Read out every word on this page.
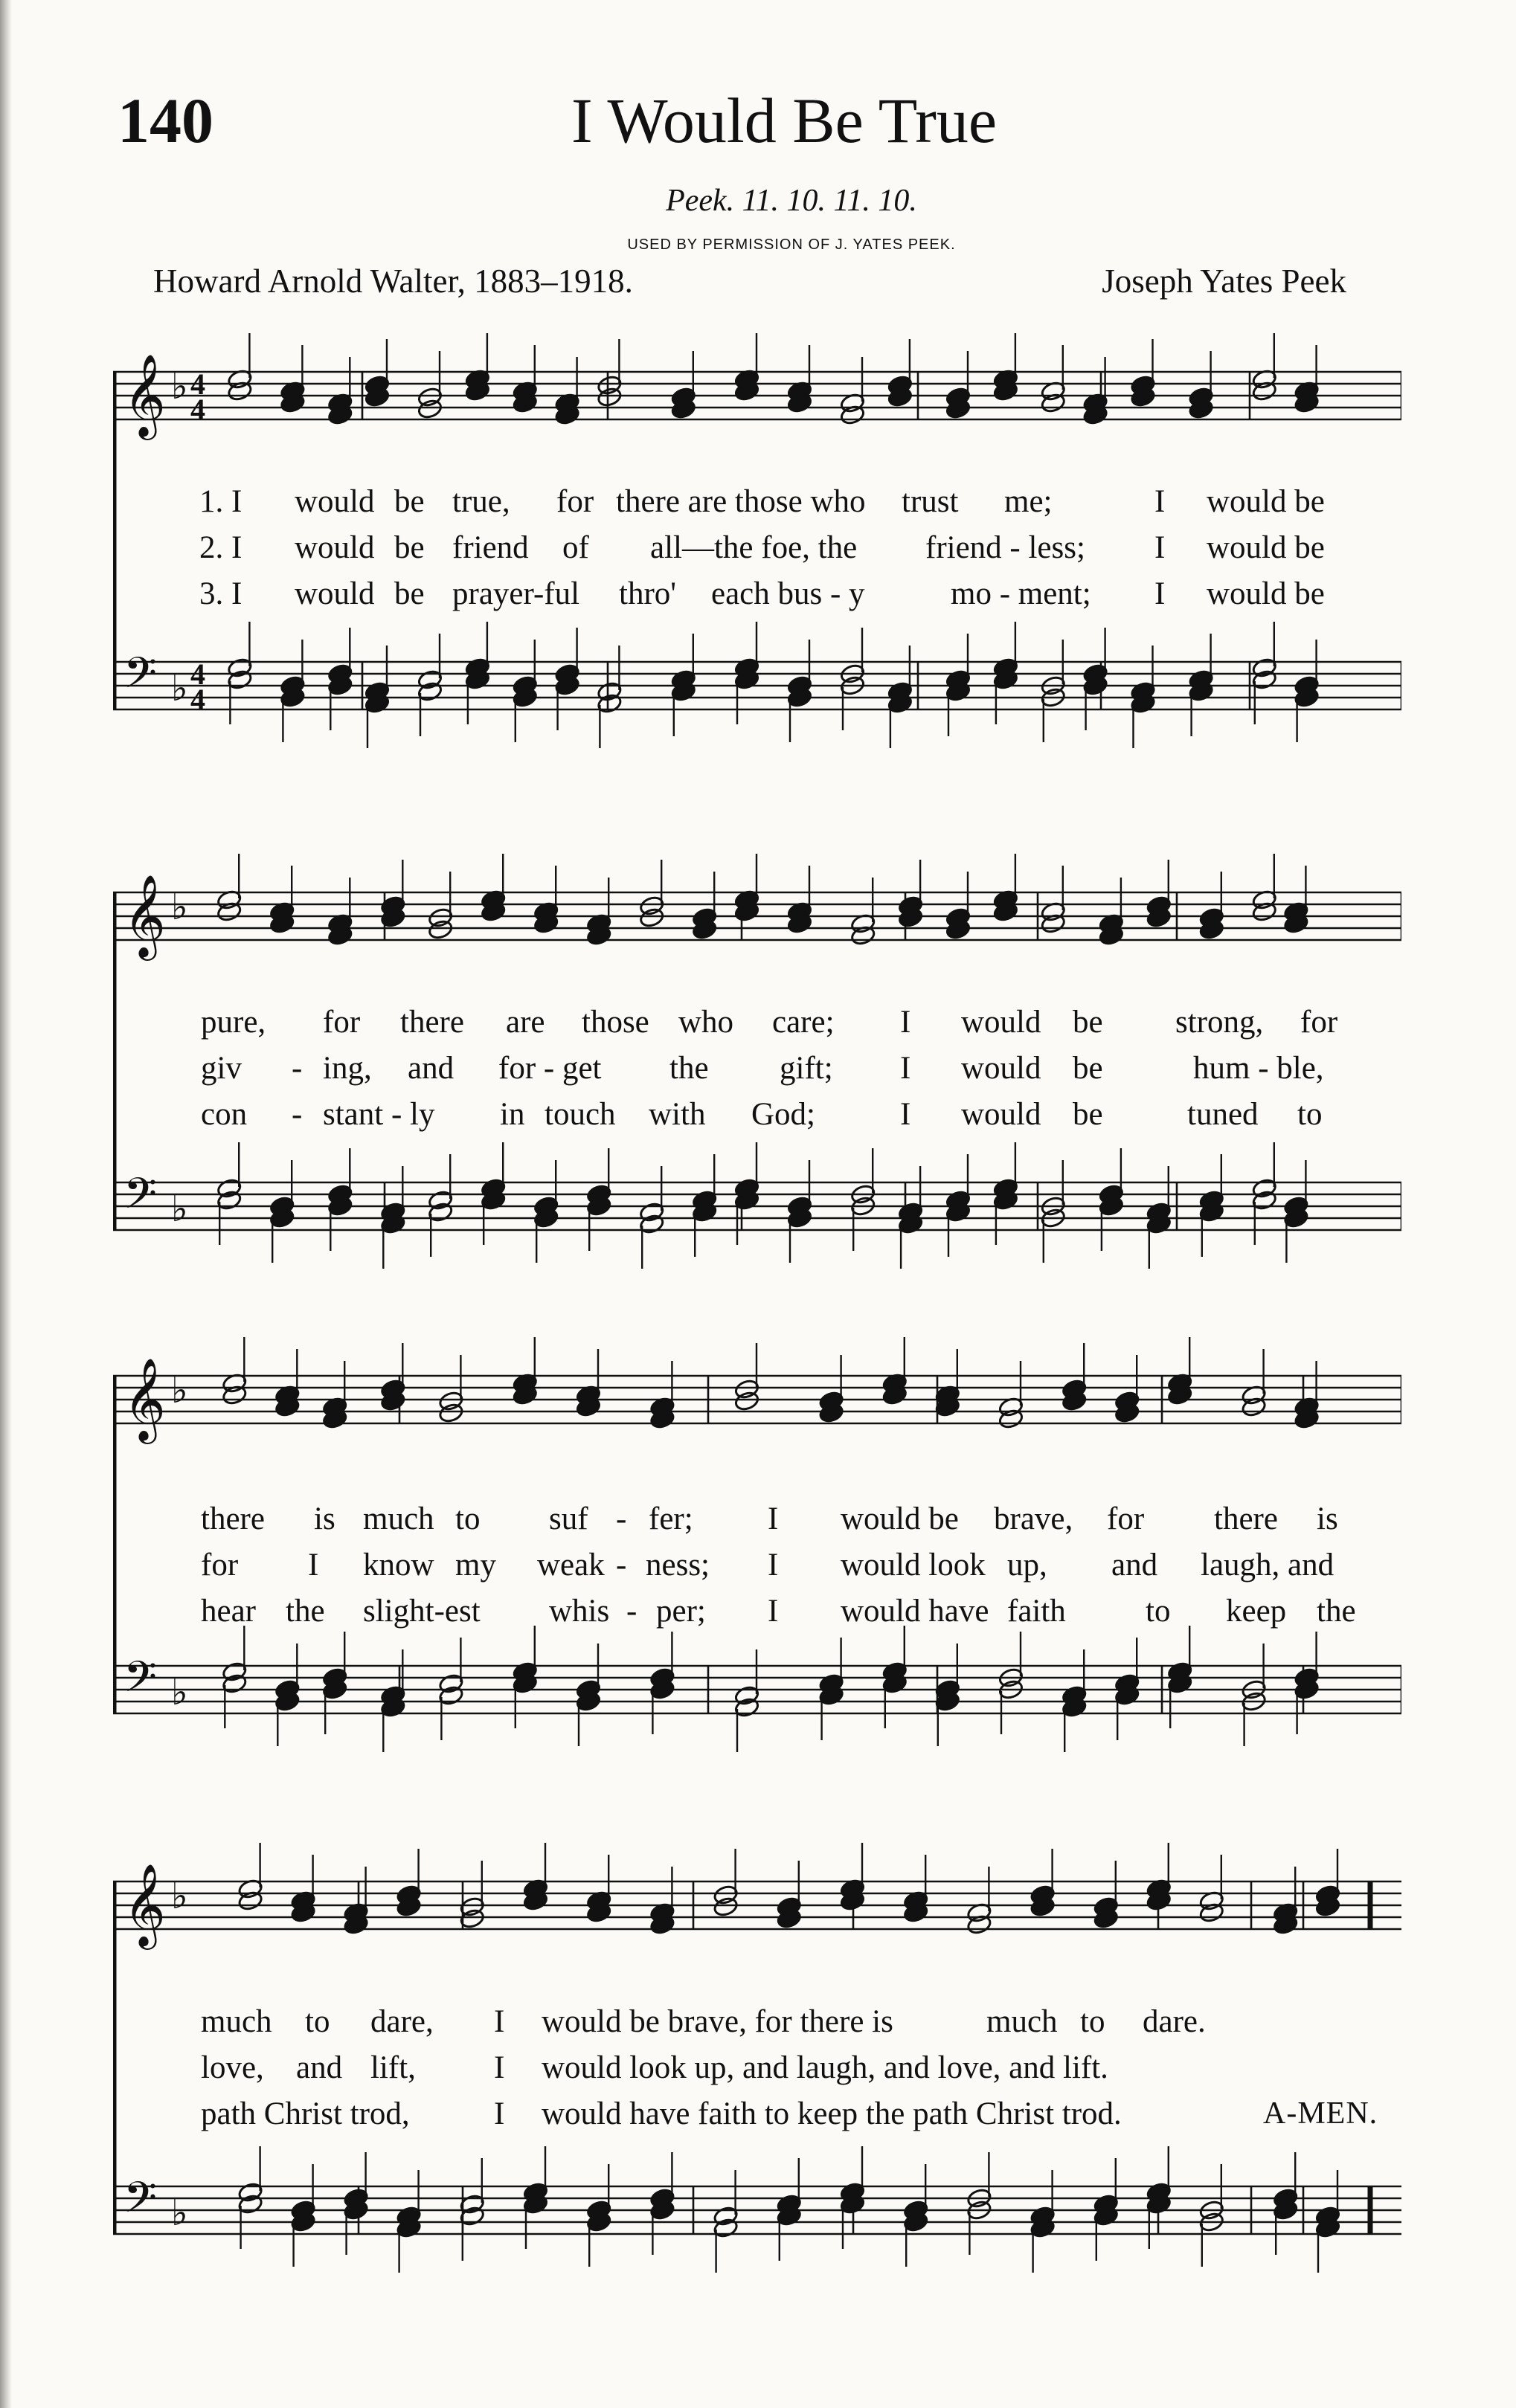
140	I Would Be True
Peek. 11. 10. 11. 10.
USED BY PERMISSION OF J. YATES PEEK.
Howard Arnold Walter, 1883–1918.	Joseph Yates Peek
𝄞
𝄢
♭
♭
4
4
4
4
1. I would be true, for there are those who trust me;	I would be
2. I would be friend of all—the foe, the friend - less; I would be
3. I would be prayer-ful thro' each bus - y	mo - ment; I would be
𝄞
𝄢
♭
♭
pure, for there are those who care; I would be strong, for
giv - ing, and for - get the gift; I would be	hum - ble,
con - stant - ly in touch with God;	I would be	tuned to
𝄞
𝄢
♭
♭
there is much to suf - fer; I would be brave, for there is
for I know my weak - ness; I would look up, and laugh, and
hear the slight-est whis - per; I would have faith to keep the
𝄞
𝄢
♭
♭
much to dare, I would be brave, for there is	much to dare.
love, and lift, I would look up, and laugh, and love, and lift.
path Christ trod,	I would have faith to keep the path Christ trod.	A-MEN.
